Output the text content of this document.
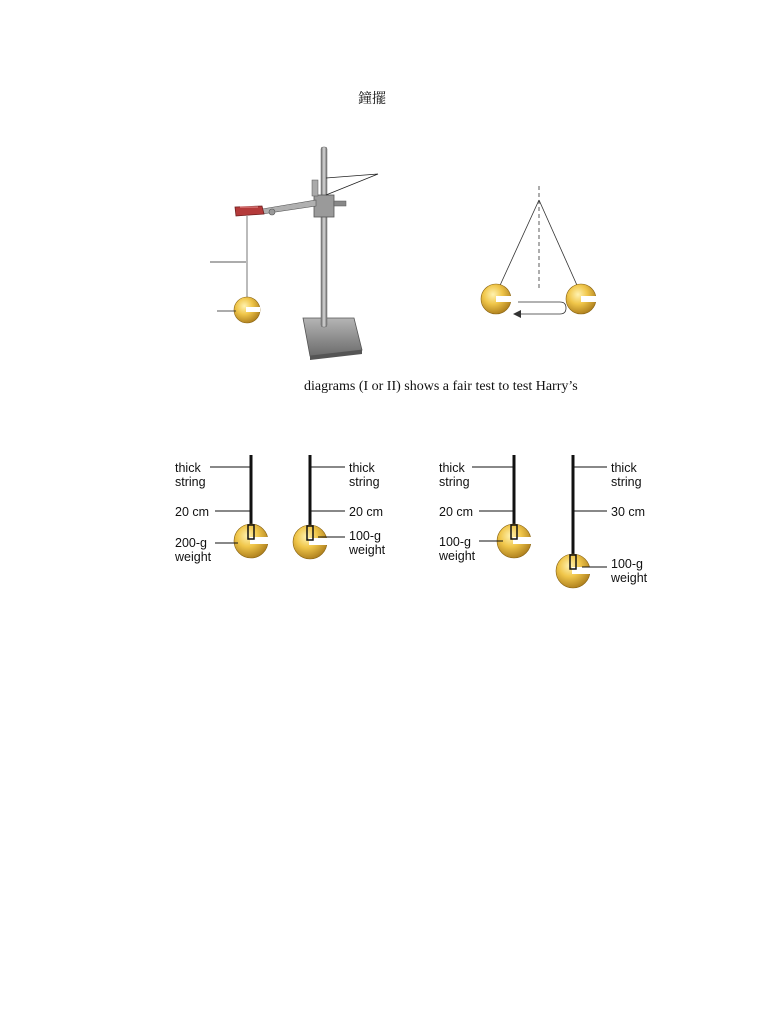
鐘擺
thick
string
20 cm
200-g
weight
thick
string
20 cm
100-g
weight
thick
string
20 cm
100-g
weight
thick
string
30 cm
100-g
weight
diagrams (I or II) shows a fair test to test Harry’s
